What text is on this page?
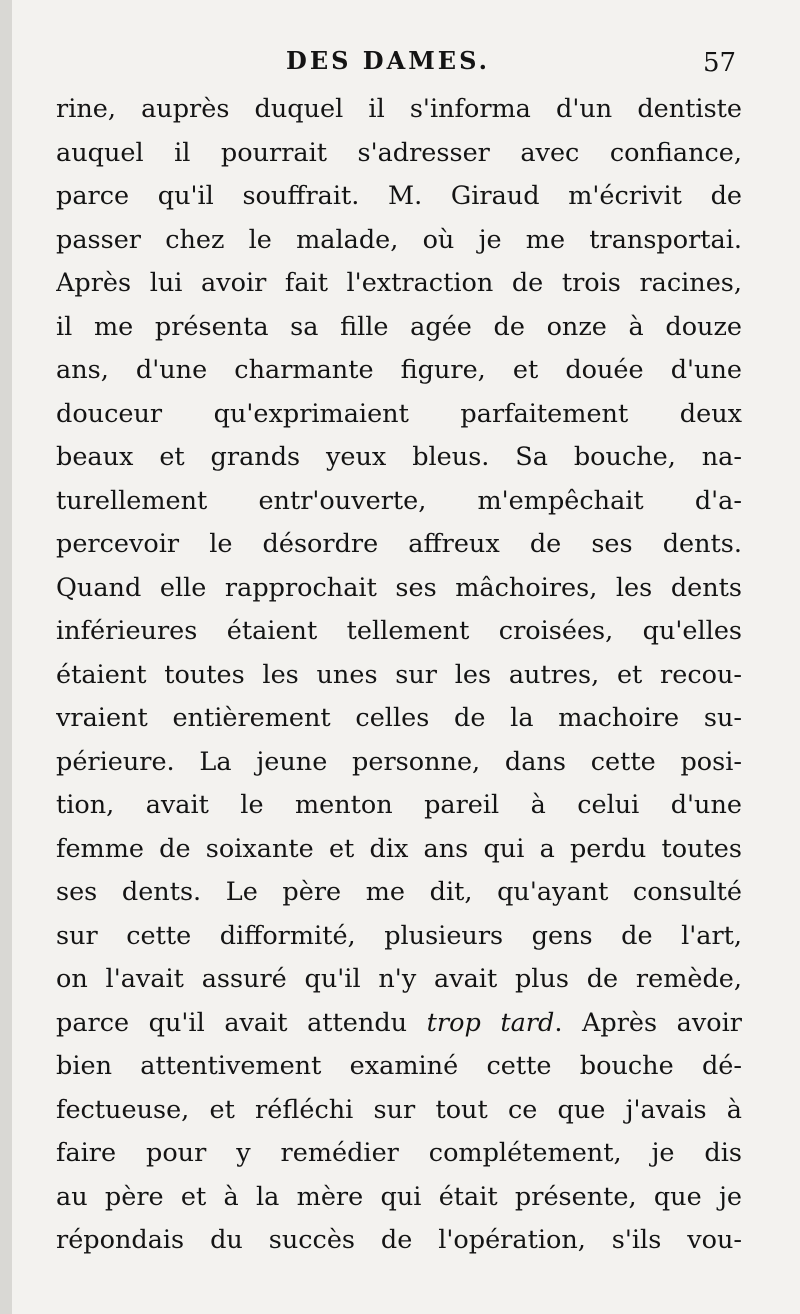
DES DAMES.	57
rine, auprès duquel il s'informa d'un dentiste
auquel il pourrait s'adresser avec confiance,
parce qu'il souffrait. M. Giraud m'écrivit de
passer chez le malade, où je me transportai.
Après lui avoir fait l'extraction de trois racines,
il me présenta sa fille agée de onze à douze
ans, d'une charmante figure, et douée d'une
douceur qu'exprimaient parfaitement deux
beaux et grands yeux bleus. Sa bouche, na-
turellement entr'ouverte, m'empêchait d'a-
percevoir le désordre affreux de ses dents.
Quand elle rapprochait ses mâchoires, les dents
inférieures étaient tellement croisées, qu'elles
étaient toutes les unes sur les autres, et recou-
vraient entièrement celles de la machoire su-
périeure. La jeune personne, dans cette posi-
tion, avait le menton pareil à celui d'une
femme de soixante et dix ans qui a perdu toutes
ses dents. Le père me dit, qu'ayant consulté
sur cette difformité, plusieurs gens de l'art,
on l'avait assuré qu'il n'y avait plus de remède,
parce qu'il avait attendu trop tard. Après avoir
bien attentivement examiné cette bouche dé-
fectueuse, et réfléchi sur tout ce que j'avais à
faire pour y remédier complétement, je dis
au père et à la mère qui était présente, que je
répondais du succès de l'opération, s'ils vou-
